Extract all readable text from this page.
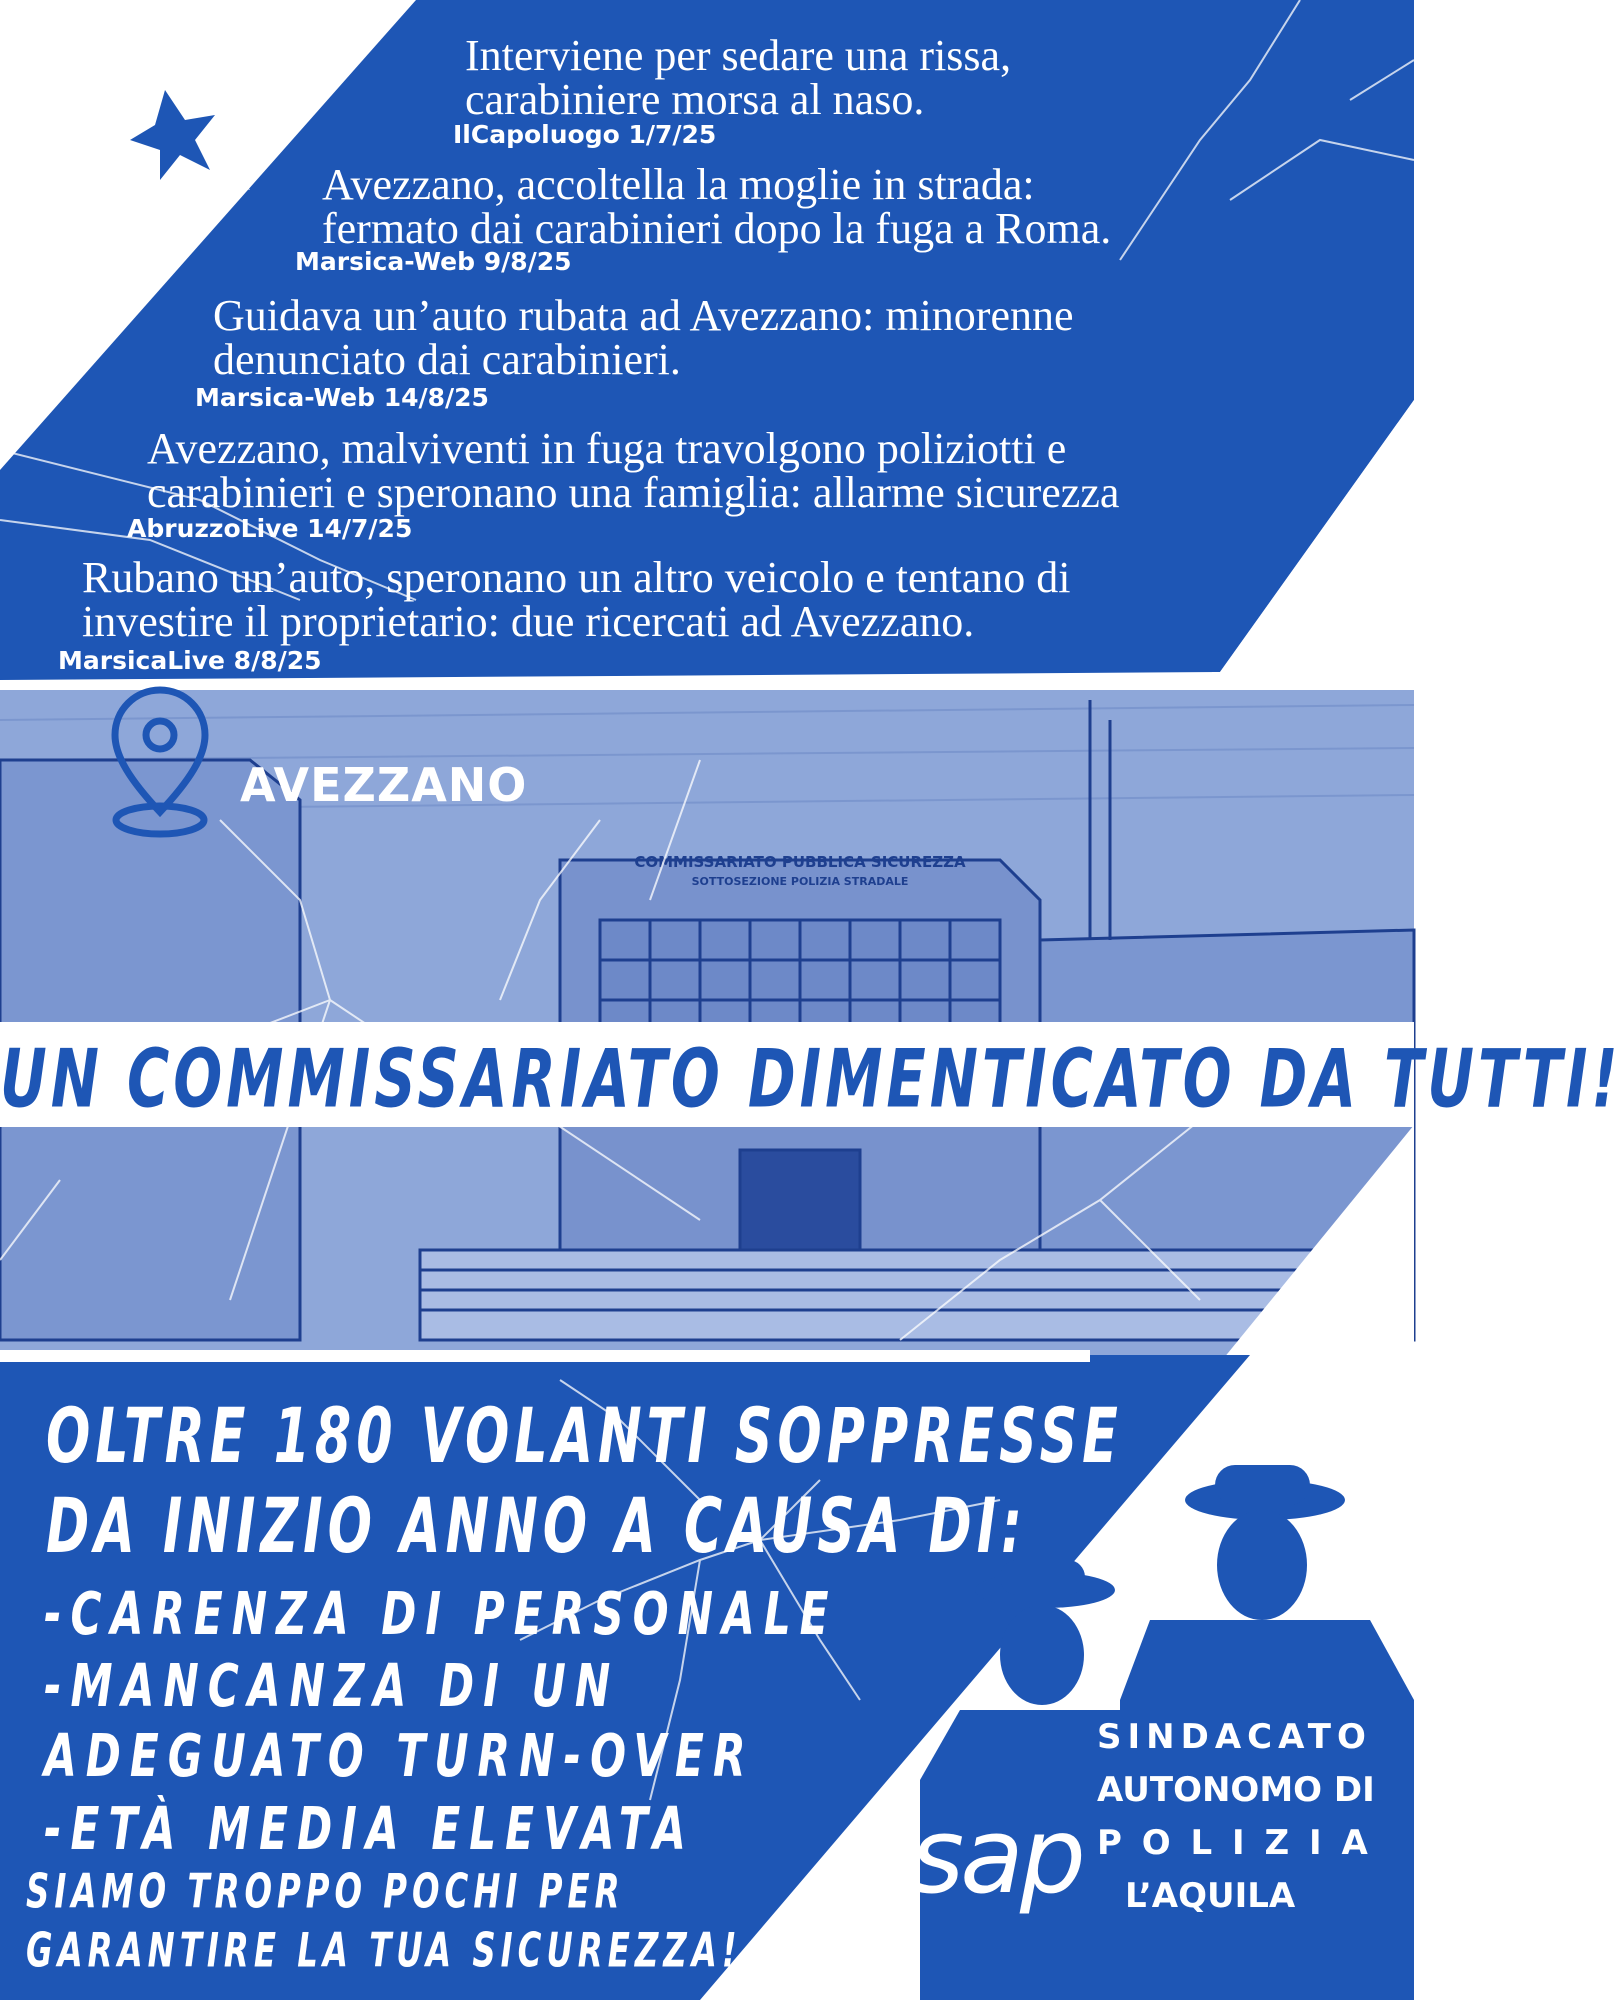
COMMISSARIATO PUBBLICA SICUREZZA
SOTTOSEZIONE POLIZIA STRADALE
Interviene per sedare una rissa,
carabiniere morsa al naso.
IlCapoluogo 1/7/25
Avezzano, accoltella la moglie in strada:
fermato dai carabinieri dopo la fuga a Roma.
Marsica-Web 9/8/25
Guidava un’auto rubata ad Avezzano: minorenne
denunciato dai carabinieri.
Marsica-Web 14/8/25
Avezzano, malviventi in fuga travolgono poliziotti e
carabinieri e speronano una famiglia: allarme sicurezza
AbruzzoLive 14/7/25
Rubano un’auto, speronano un altro veicolo e tentano di
investire il proprietario: due ricercati ad Avezzano.
MarsicaLive 8/8/25
AVEZZANO
UN COMMISSARIATO DIMENTICATO DA TUTTI!
OLTRE 180 VOLANTI SOPPRESSE
DA INIZIO ANNO A CAUSA DI:
-CARENZA DI PERSONALE
-MANCANZA DI UN
ADEGUATO TURN-OVER
-ETÀ MEDIA ELEVATA
SIAMO TROPPO POCHI PER
GARANTIRE LA TUA SICUREZZA!
sap
SINDACATO
AUTONOMO DI
P O L I Z I A
L’AQUILA
